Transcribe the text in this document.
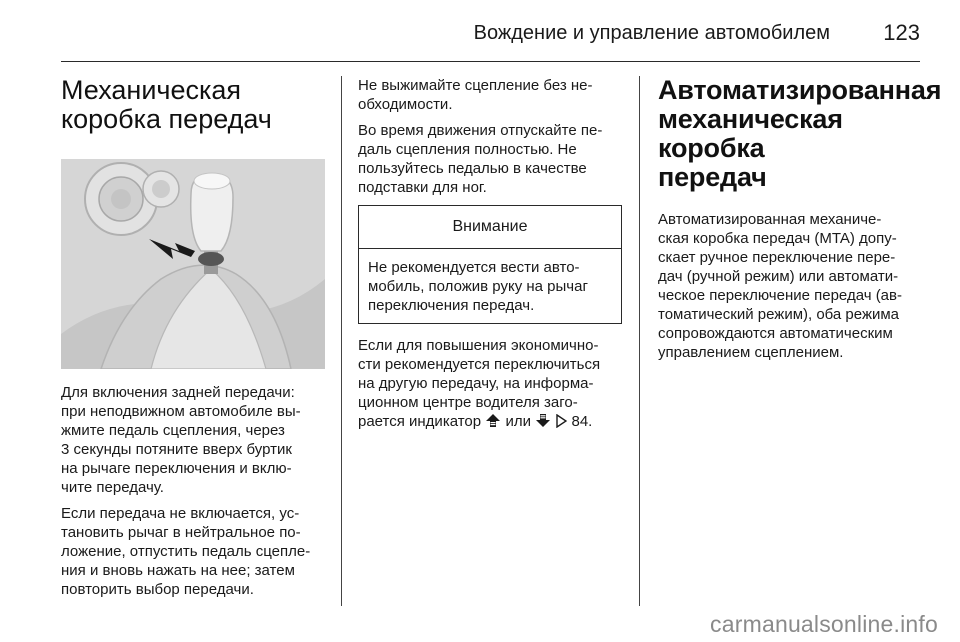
Вождение и управление автомобилем 123
Механическая
коробка передач

Для включения задней передачи:
при неподвижном автомобиле вы-
жмите педаль сцепления, через
3 секунды потяните вверх буртик
на рычаге переключения и вклю-
чите передачу.

Если передача не включается, ус-
тановить рычаг в нейтральное по-
ложение, отпустить педаль сцепле-
ния и вновь нажать на нее; затем
повторить выбор передачи.

Не выжимайте сцепление без не-
обходимости.

Во время движения отпускайте пе-
даль сцепления полностью. Не
пользуйтесь педалью в качестве
подставки для ног.

Внимание

Не рекомендуется вести авто-
мобиль, положив руку на рычаг
переключения передач.

Если для повышения экономично-
сти рекомендуется переключиться
на другую передачу, на информа-
ционном центре водителя заго-
рается индикатор или	84.

Автоматизированная
механическая коробка
передач

Автоматизированная механиче-
ская коробка передач (MTA) допу-
скает ручное переключение пере-
дач (ручной режим) или автомати-
ческое переключение передач (ав-
томатический режим), оба режима
сопровождаются автоматическим
управлением сцеплением.

carmanualsonline.info
